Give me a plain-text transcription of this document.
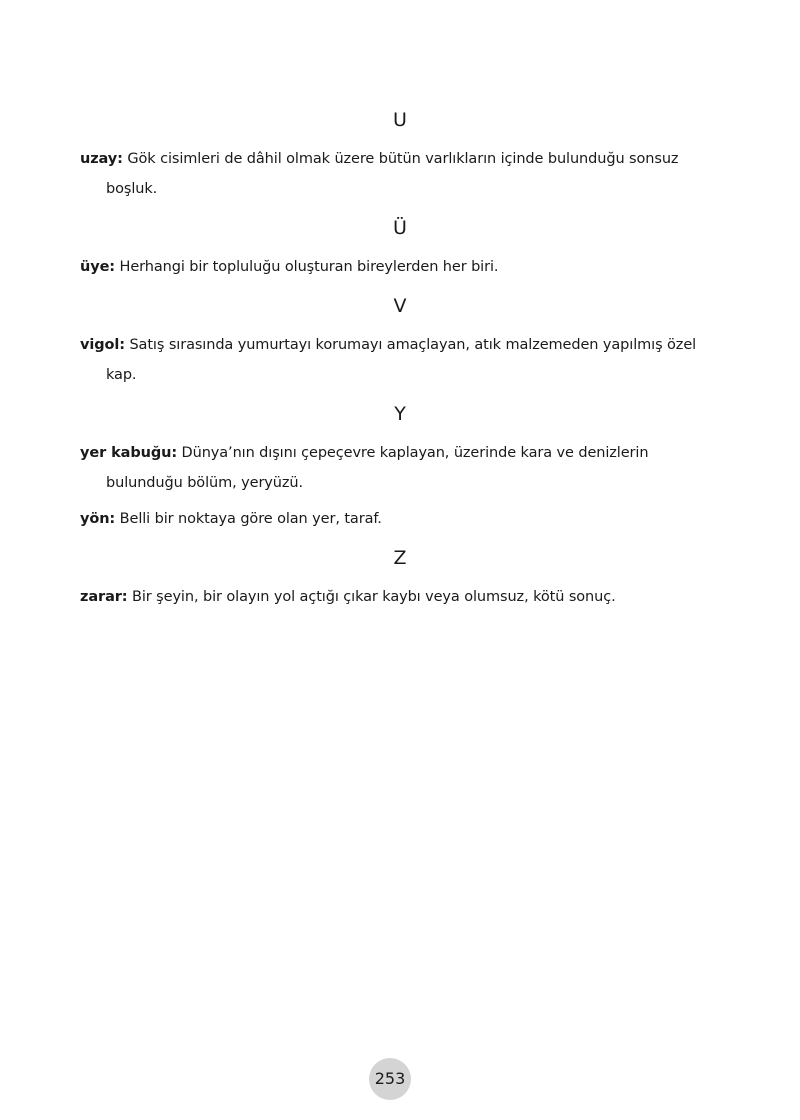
U

uzay: Gök cisimleri de dâhil olmak üzere bütün varlıkların içinde bulunduğu sonsuz boşluk.

Ü

üye: Herhangi bir topluluğu oluşturan bireylerden her biri.

V

vigol: Satış sırasında yumurtayı korumayı amaçlayan, atık malzemeden yapılmış özel kap.

Y

yer kabuğu: Dünya’nın dışını çepeçevre kaplayan, üzerinde kara ve denizlerin bulunduğu bölüm, yeryüzü.

yön: Belli bir noktaya göre olan yer, taraf.

Z

zarar: Bir şeyin, bir olayın yol açtığı çıkar kaybı veya olumsuz, kötü sonuç.

253
